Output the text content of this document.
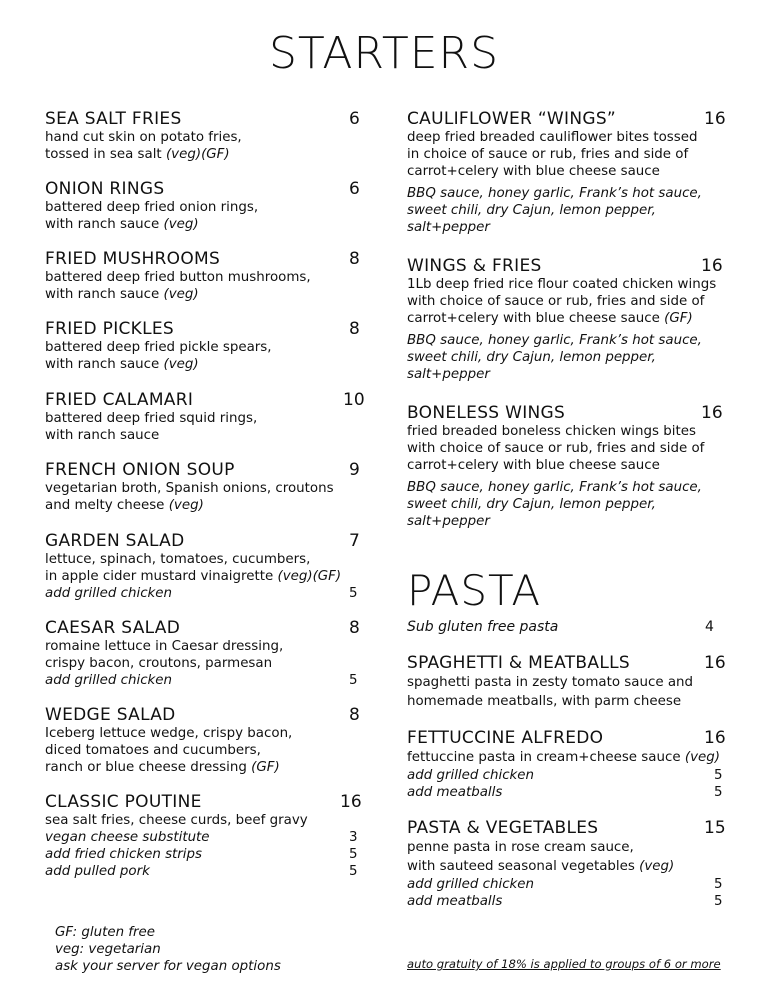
STARTERS
PASTA
SEA SALT FRIES	6
hand cut skin on potato fries,
tossed in sea salt (veg)(GF)
ONION RINGS	6
battered deep fried onion rings,
with ranch sauce (veg)
FRIED MUSHROOMS	8
battered deep fried button mushrooms,
with ranch sauce (veg)
FRIED PICKLES	8
battered deep fried pickle spears,
with ranch sauce (veg)
FRIED CALAMARI	10
battered deep fried squid rings,
with ranch sauce
FRENCH ONION SOUP	9
vegetarian broth, Spanish onions, croutons
and melty cheese (veg)
GARDEN SALAD	7
lettuce, spinach, tomatoes, cucumbers,
in apple cider mustard vinaigrette (veg)(GF)
add grilled chicken	5
CAESAR SALAD	8
romaine lettuce in Caesar dressing,
crispy bacon, croutons, parmesan
add grilled chicken	5
WEDGE SALAD	8
Iceberg lettuce wedge, crispy bacon,
diced tomatoes and cucumbers,
ranch or blue cheese dressing (GF)
CLASSIC POUTINE	16
sea salt fries, cheese curds, beef gravy
vegan cheese substitute	3
add fried chicken strips	5
add pulled pork	5
CAULIFLOWER “WINGS”	16
deep fried breaded cauliflower bites tossed
in choice of sauce or rub, fries and side of
carrot+celery with blue cheese sauce
BBQ sauce, honey garlic, Frank’s hot sauce,
sweet chili, dry Cajun, lemon pepper,
salt+pepper
WINGS & FRIES	16
1Lb deep fried rice flour coated chicken wings
with choice of sauce or rub, fries and side of
carrot+celery with blue cheese sauce (GF)
BBQ sauce, honey garlic, Frank’s hot sauce,
sweet chili, dry Cajun, lemon pepper,
salt+pepper
BONELESS WINGS	16
fried breaded boneless chicken wings bites
with choice of sauce or rub, fries and side of
carrot+celery with blue cheese sauce
BBQ sauce, honey garlic, Frank’s hot sauce,
sweet chili, dry Cajun, lemon pepper,
salt+pepper
Sub gluten free pasta	4
SPAGHETTI & MEATBALLS	16
spaghetti pasta in zesty tomato sauce and
homemade meatballs, with parm cheese
FETTUCCINE ALFREDO	16
fettuccine pasta in cream+cheese sauce (veg)
add grilled chicken	5
add meatballs	5
PASTA & VEGETABLES	15
penne pasta in rose cream sauce,
with sauteed seasonal vegetables (veg)
add grilled chicken	5
add meatballs	5
GF: gluten free
veg: vegetarian
ask your server for vegan options	auto gratuity of 18% is applied to groups of 6 or more
